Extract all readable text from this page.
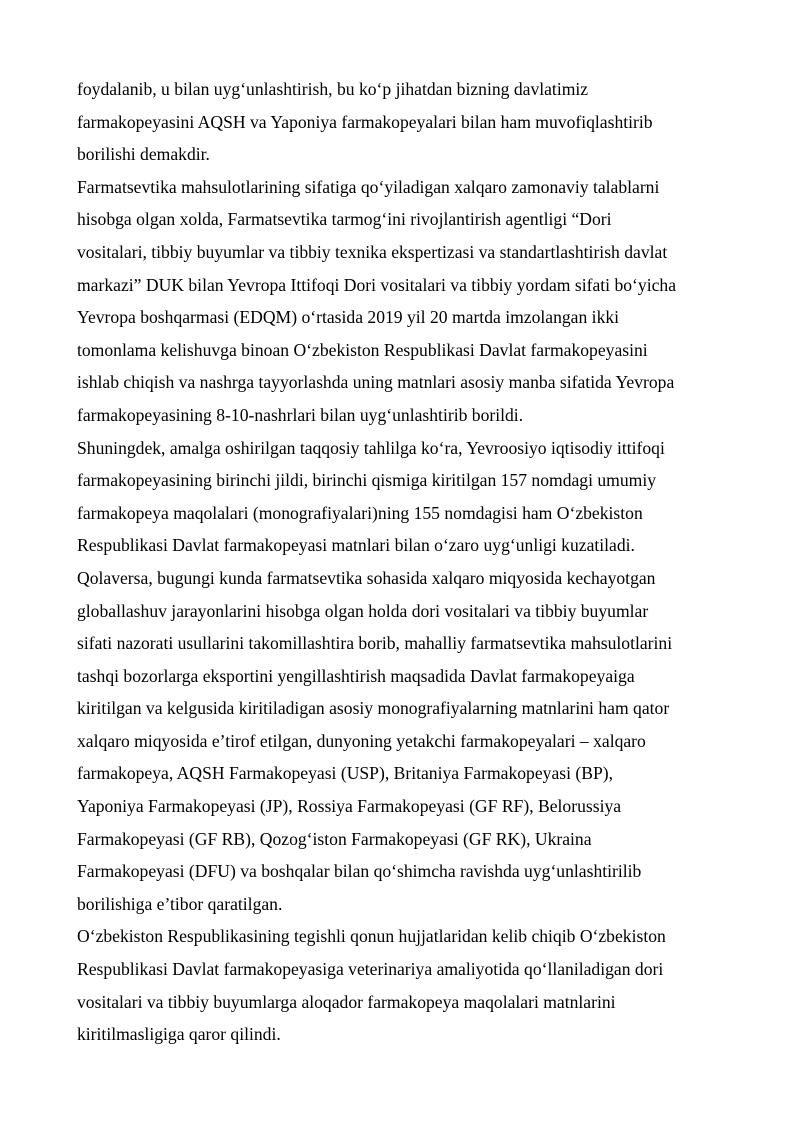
foydalanib, u bilan uyg‘unlashtirish, bu ko‘p jihatdan bizning davlatimiz
farmakopeyasini AQSH va Yaponiya farmakopeyalari bilan ham muvofiqlashtirib
borilishi demakdir.
Farmatsevtika mahsulotlarining sifatiga qo‘yiladigan xalqaro zamonaviy talablarni
hisobga olgan xolda, Farmatsevtika tarmog‘ini rivojlantirish agentligi “Dori
vositalari, tibbiy buyumlar va tibbiy texnika ekspertizasi va standartlashtirish davlat
markazi” DUK bilan Yevropa Ittifoqi Dori vositalari va tibbiy yordam sifati bo‘yicha
Yevropa boshqarmasi (EDQM) o‘rtasida 2019 yil 20 martda imzolangan ikki
tomonlama kelishuvga binoan O‘zbekiston Respublikasi Davlat farmakopeyasini
ishlab chiqish va nashrga tayyorlashda uning matnlari asosiy manba sifatida Yevropa
farmakopeyasining 8-10-nashrlari bilan uyg‘unlashtirib borildi.
Shuningdek, amalga oshirilgan taqqosiy tahlilga ko‘ra, Yevroosiyo iqtisodiy ittifoqi
farmakopeyasining birinchi jildi, birinchi qismiga kiritilgan 157 nomdagi umumiy
farmakopeya maqolalari (monografiyalari)ning 155 nomdagisi ham O‘zbekiston
Respublikasi Davlat farmakopeyasi matnlari bilan o‘zaro uyg‘unligi kuzatiladi.
Qolaversa, bugungi kunda farmatsevtika sohasida xalqaro miqyosida kechayotgan
globallashuv jarayonlarini hisobga olgan holda dori vositalari va tibbiy buyumlar
sifati nazorati usullarini takomillashtira borib, mahalliy farmatsevtika mahsulotlarini
tashqi bozorlarga eksportini yengillashtirish maqsadida Davlat farmakopeyaiga
kiritilgan va kelgusida kiritiladigan asosiy monografiyalarning matnlarini ham qator
xalqaro miqyosida e’tirof etilgan, dunyoning yetakchi farmakopeyalari – xalqaro
farmakopeya, AQSH Farmakopeyasi (USP), Britaniya Farmakopeyasi (BP),
Yaponiya Farmakopeyasi (JP), Rossiya Farmakopeyasi (GF RF), Belorussiya
Farmakopeyasi (GF RB), Qozog‘iston Farmakopeyasi (GF RK), Ukraina
Farmakopeyasi (DFU) va boshqalar bilan qo‘shimcha ravishda uyg‘unlashtirilib
borilishiga e’tibor qaratilgan.
O‘zbekiston Respublikasining tegishli qonun hujjatlaridan kelib chiqib O‘zbekiston
Respublikasi Davlat farmakopeyasiga veterinariya amaliyotida qo‘llaniladigan dori
vositalari va tibbiy buyumlarga aloqador farmakopeya maqolalari matnlarini
kiritilmasligiga qaror qilindi.
